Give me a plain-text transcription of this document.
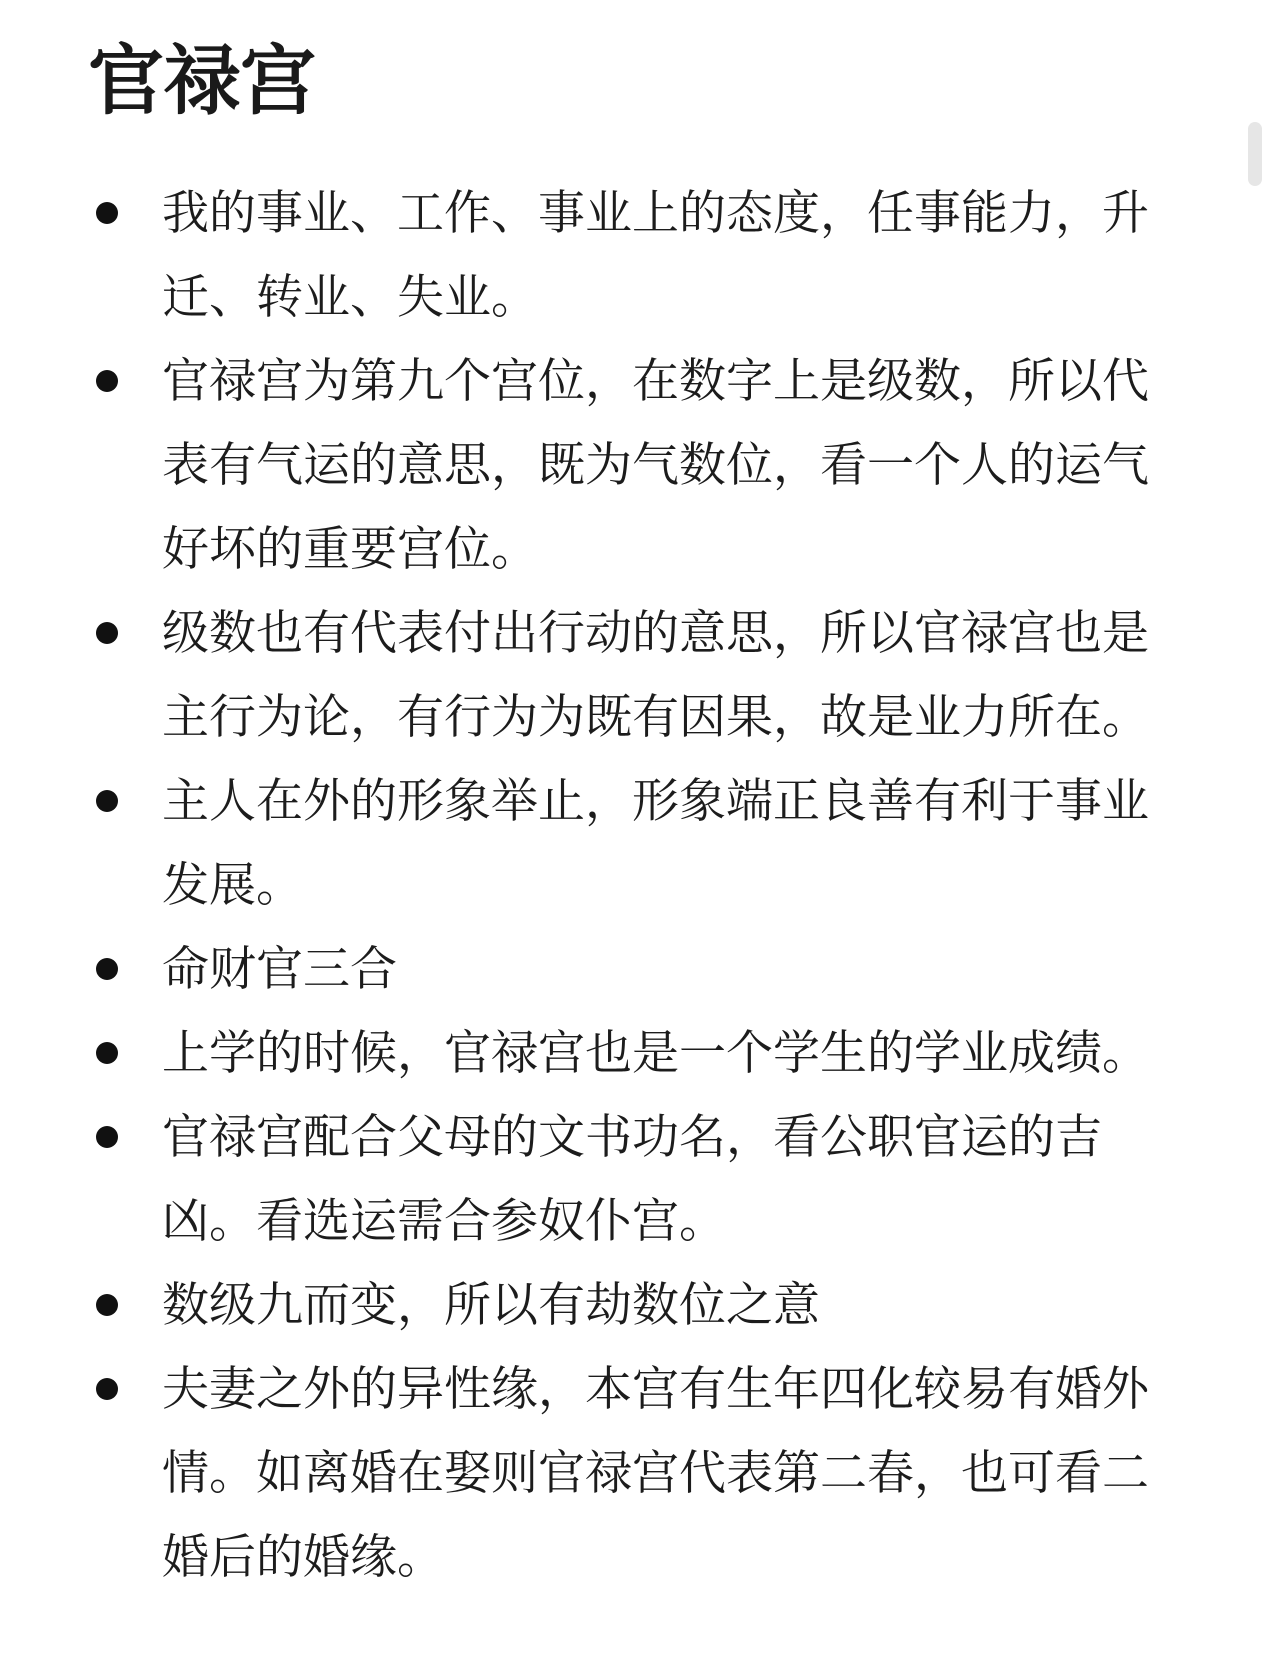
官禄宫
我的事业、工作、事业上的态度，任事能力，升迁、转业、失业。
官禄宫为第九个宫位，在数字上是级数，所以代表有气运的意思，既为气数位，看一个人的运气好坏的重要宫位。
级数也有代表付出行动的意思，所以官禄宫也是主行为论，有行为为既有因果，故是业力所在。
主人在外的形象举止，形象端正良善有利于事业发展。
命财官三合
上学的时候，官禄宫也是一个学生的学业成绩。
官禄宫配合父母的文书功名，看公职官运的吉凶。看选运需合参奴仆宫。
数级九而变，所以有劫数位之意
夫妻之外的异性缘，本宫有生年四化较易有婚外情。如离婚在娶则官禄宫代表第二春，也可看二婚后的婚缘。
